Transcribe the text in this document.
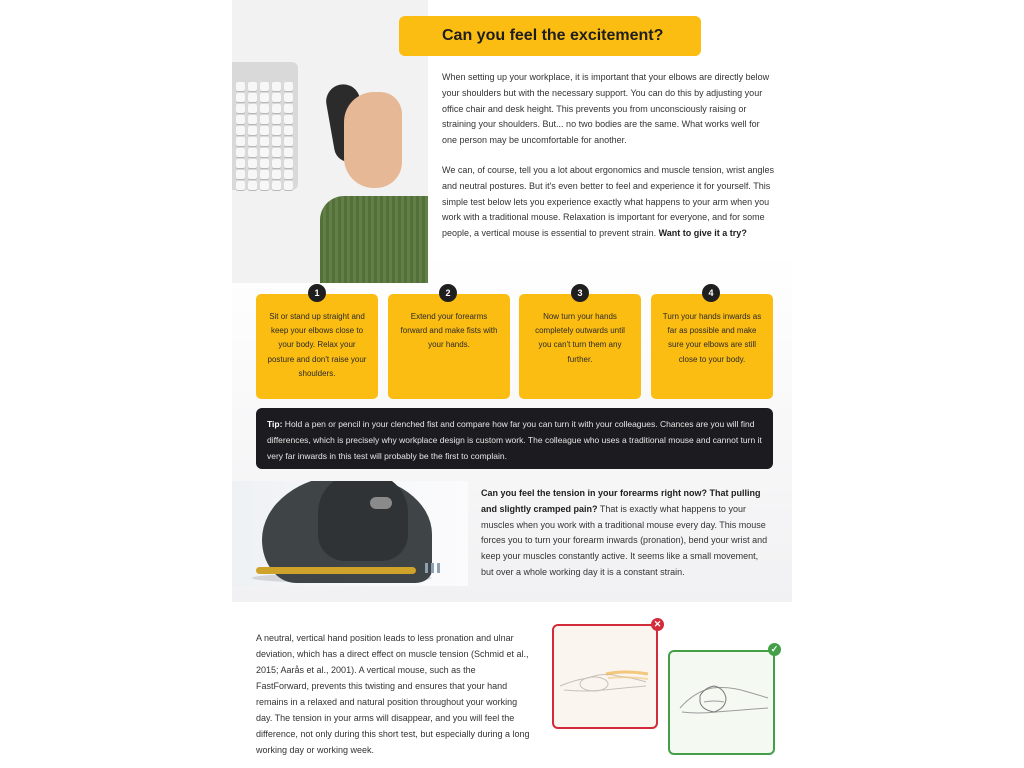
Can you feel the excitement?

When setting up your workplace, it is important that your elbows are directly below your shoulders but with the necessary support. You can do this by adjusting your office chair and desk height. This prevents you from unconsciously raising or straining your shoulders. But... no two bodies are the same. What works well for one person may be uncomfortable for another.

We can, of course, tell you a lot about ergonomics and muscle tension, wrist angles and neutral postures. But it's even better to feel and experience it for yourself. This simple test below lets you experience exactly what happens to your arm when you work with a traditional mouse. Relaxation is important for everyone, and for some people, a vertical mouse is essential to prevent strain. Want to give it a try?

Sit or stand up straight and keep your elbows close to your body. Relax your posture and don't raise your shoulders.
1
Extend your forearms forward and make fists with your hands.
2
Now turn your hands completely outwards until you can't turn them any further.
3
Turn your hands inwards as far as possible and make sure your elbows are still close to your body.
4
Tip: Hold a pen or pencil in your clenched fist and compare how far you can turn it with your colleagues. Chances are you will find differences, which is precisely why workplace design is custom work. The colleague who uses a traditional mouse and cannot turn it very far inwards in this test will probably be the first to complain.
Can you feel the tension in your forearms right now? That pulling and slightly cramped pain? That is exactly what happens to your muscles when you work with a traditional mouse every day. This mouse forces you to turn your forearm inwards (pronation), bend your wrist and keep your muscles constantly active. It seems like a small movement, but over a whole working day it is a constant strain.
A neutral, vertical hand position leads to less pronation and ulnar deviation, which has a direct effect on muscle tension (Schmid et al., 2015; Aarås et al., 2001). A vertical mouse, such as the FastForward, prevents this twisting and ensures that your hand remains in a relaxed and natural position throughout your working day. The tension in your arms will disappear, and you will feel the difference, not only during this short test, but especially during a long working day or working week.
✕
✓
